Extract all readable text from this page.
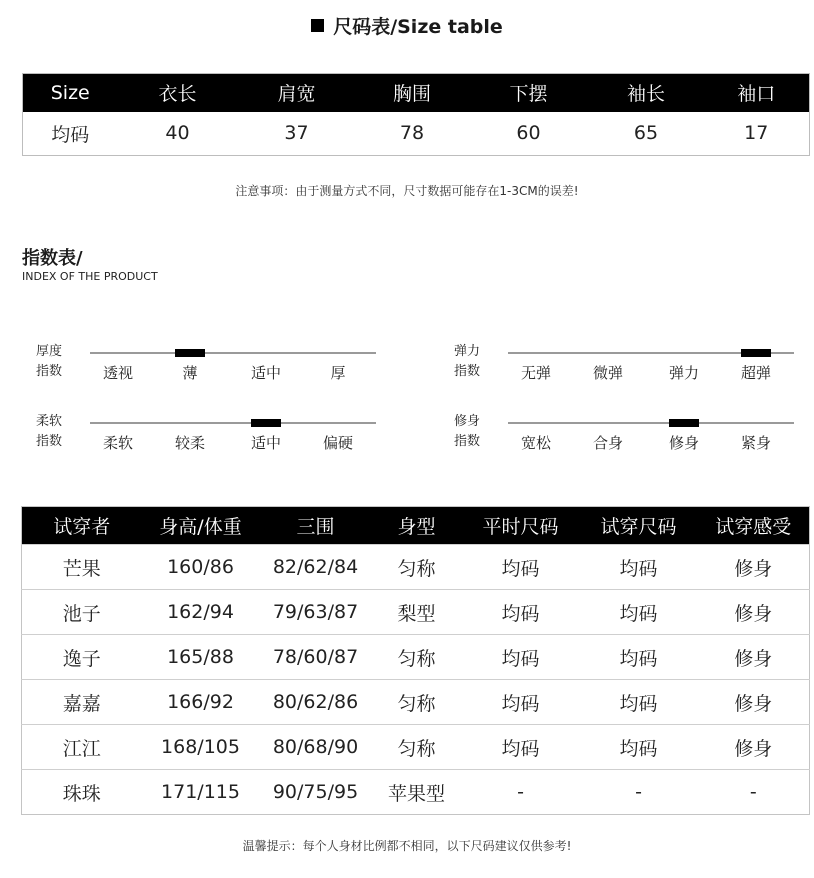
尺码表/Size table
Size	衣长	肩宽	胸围	下摆	袖长	袖口
均码	40	37	78	60	65	17
注意事项：由于测量方式不同，尺寸数据可能存在1-3CM的误差!
指数表/
INDEX OF THE PRODUCT
厚度
指数	透视	薄	适中	厚
弹力
指数	无弹	微弹	弹力	超弹
柔软
指数	柔软	较柔	适中	偏硬
修身
指数	宽松	合身	修身	紧身
试穿者	身高/体重	三围	身型	平时尺码	试穿尺码	试穿感受
芒果	160/86	82/62/84	匀称	均码	均码	修身
池子	162/94	79/63/87	梨型	均码	均码	修身
逸子	165/88	78/60/87	匀称	均码	均码	修身
嘉嘉	166/92	80/62/86	匀称	均码	均码	修身
江江	168/105	80/68/90	匀称	均码	均码	修身
珠珠	171/115	90/75/95	苹果型	-	-	-
温馨提示：每个人身材比例都不相同，以下尺码建议仅供参考!
